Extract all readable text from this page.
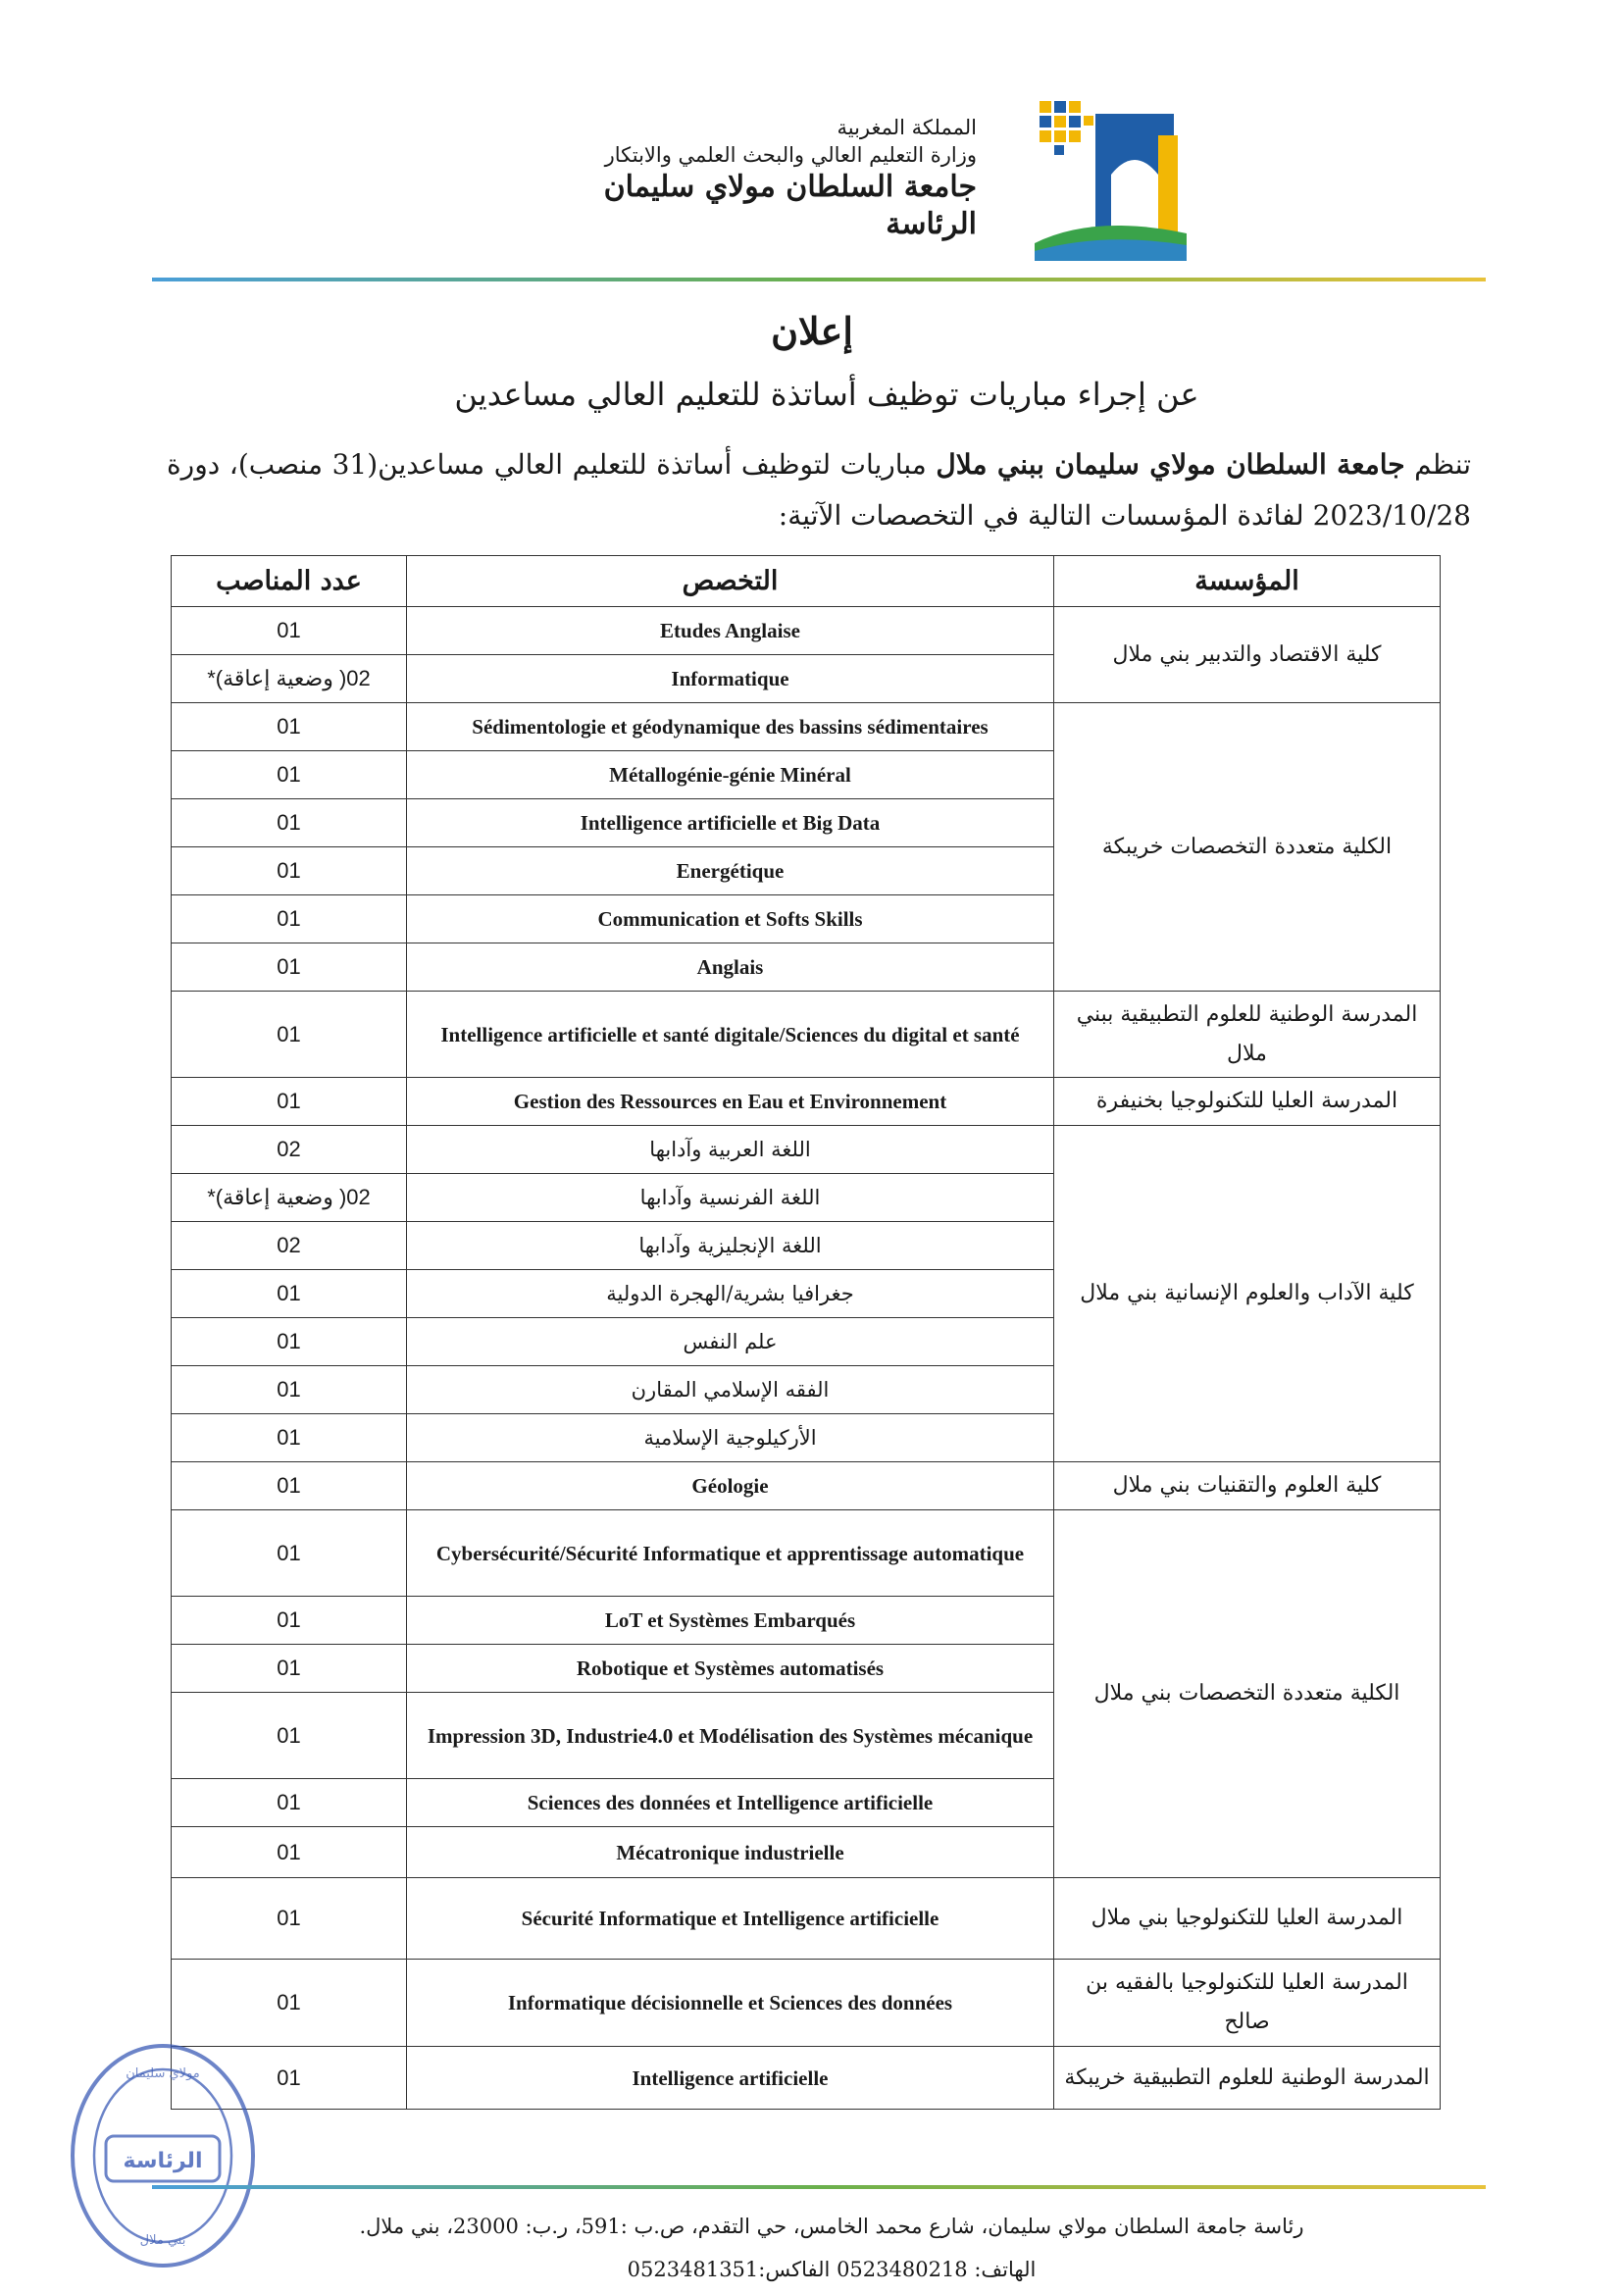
المملكة المغربية
وزارة التعليم العالي والبحث العلمي والابتكار
جامعة السلطان مولاي سليمان
الرئاسة
إعلان
عن إجراء مباريات توظيف أساتذة للتعليم العالي مساعدين
تنظم جامعة السلطان مولاي سليمان ببني ملال مباريات لتوظيف أساتذة للتعليم العالي مساعدين(31 منصب)، دورة 2023/10/28 لفائدة المؤسسات التالية في التخصصات الآتية:
عدد المناصب	التخصص	المؤسسة
01	Etudes Anglaise	كلية الاقتصاد والتدبير بني ملال
02( وضعية إعاقة)*	Informatique	
01	Sédimentologie et géodynamique des bassins sédimentaires	الكلية متعددة التخصصات خريبكة
01	Métallogénie-génie Minéral	
01	Intelligence artificielle et Big Data	
01	Energétique	
01	Communication et Softs Skills	
01	Anglais	
01	Intelligence artificielle et santé digitale/Sciences du digital et santé	المدرسة الوطنية للعلوم التطبيقية ببني ملال
01	Gestion des Ressources en Eau et Environnement	المدرسة العليا للتكنولوجيا بخنيفرة
02	اللغة العربية وآدابها	كلية الآداب والعلوم الإنسانية بني ملال
02( وضعية إعاقة)*	اللغة الفرنسية وآدابها	
02	اللغة الإنجليزية وآدابها	
01	جغرافيا بشرية/الهجرة الدولية	
01	علم النفس	
01	الفقه الإسلامي المقارن	
01	الأركيلوجية الإسلامية	
01	Géologie	كلية العلوم والتقنيات بني ملال
01	Cybersécurité/Sécurité Informatique et apprentissage automatique	الكلية متعددة التخصصات بني ملال
01	LoT et Systèmes Embarqués	
01	Robotique et Systèmes automatisés	
01	Impression 3D, Industrie4.0 et Modélisation des Systèmes mécanique	
01	Sciences des données et Intelligence artificielle	
01	Mécatronique industrielle	
01	Sécurité Informatique et Intelligence artificielle	المدرسة العليا للتكنولوجيا بني ملال
01	Informatique décisionnelle et Sciences des données	المدرسة العليا للتكنولوجيا بالفقيه بن صالح
01	Intelligence artificielle	المدرسة الوطنية للعلوم التطبيقية خريبكة
الرئاسة
مولاي سليمان
بني ملال
رئاسة جامعة السلطان مولاي سليمان، شارع محمد الخامس، حي التقدم، ص.ب :591، ر.ب: 23000، بني ملال.
الهاتف: 0523480218 الفاكس:0523481351
